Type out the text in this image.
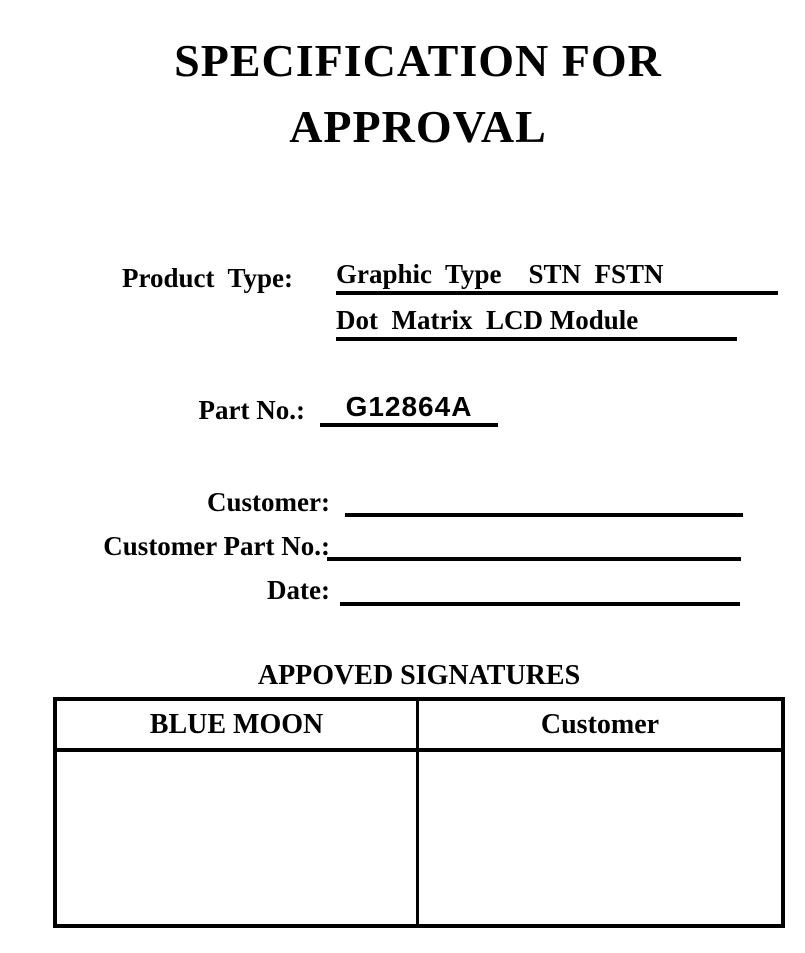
SPECIFICATION FOR
APPROVAL
Product  Type: Graphic  Type    STN  FSTN
Dot  Matrix  LCD Module
Part No.:	G12864A
Customer:
Customer Part No.:
Date:
APPOVED SIGNATURES
BLUE MOON	Customer
